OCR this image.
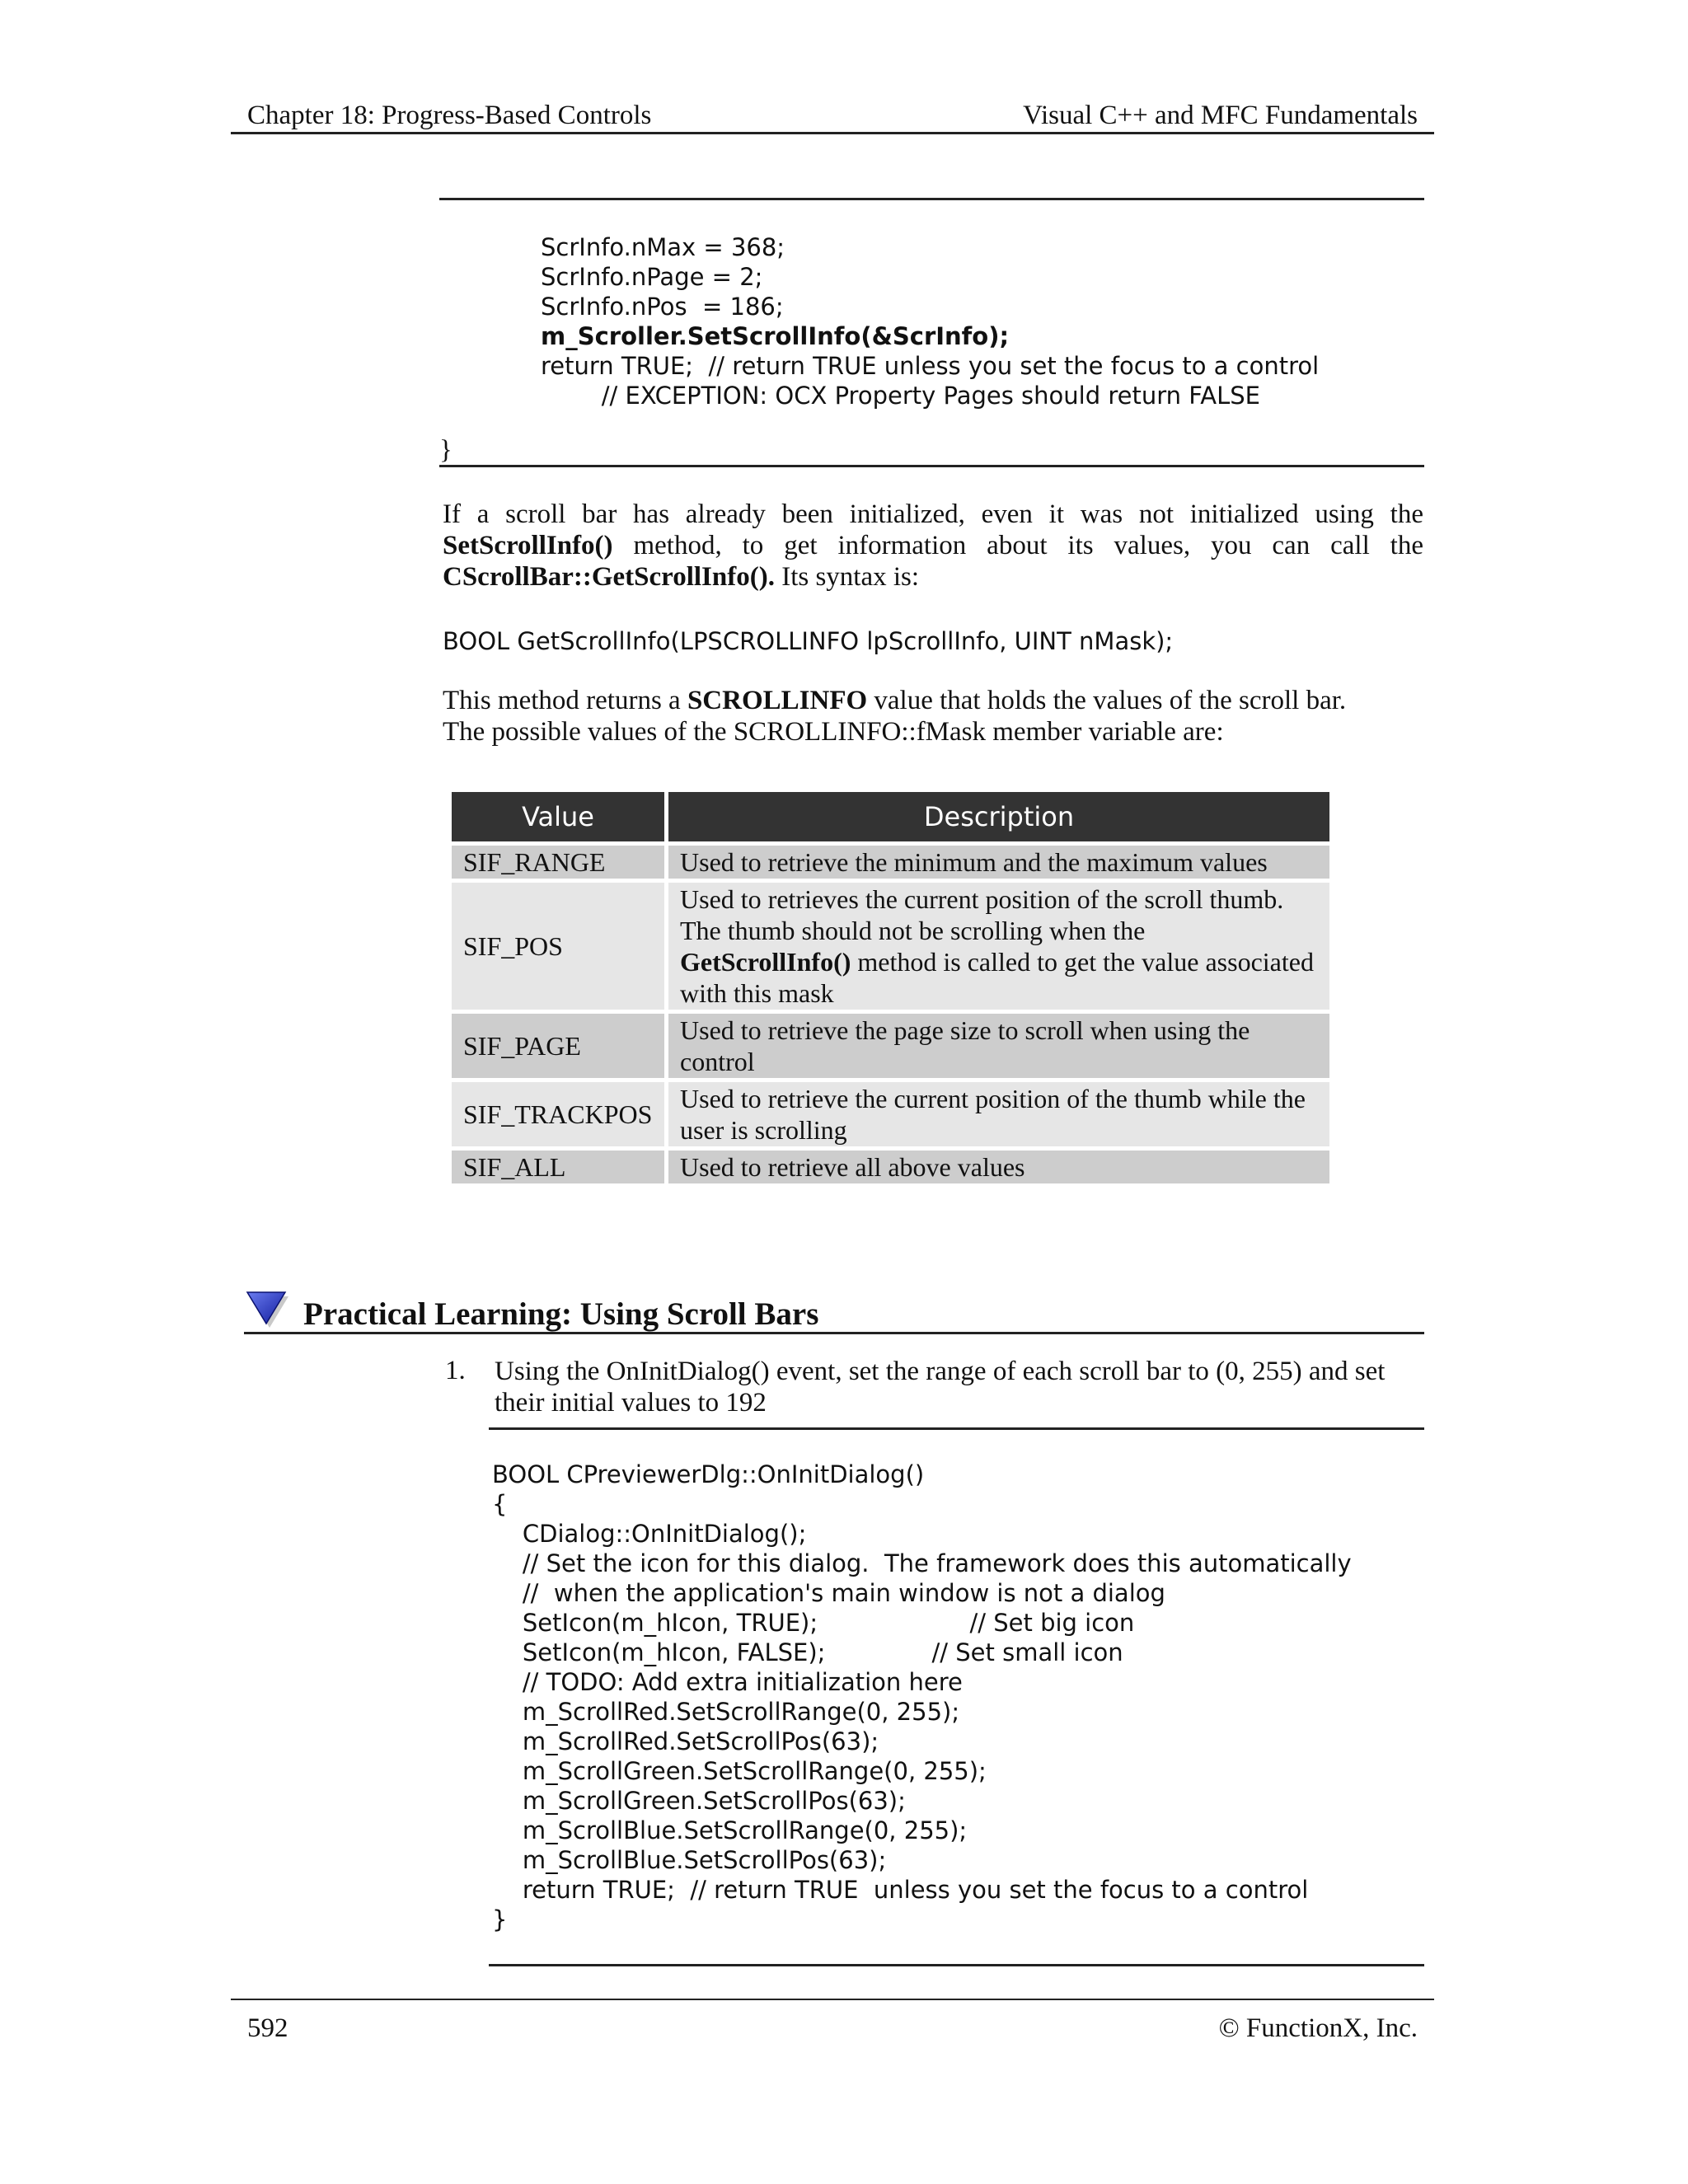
Chapter 18: Progress-Based Controls	Visual C++ and MFC Fundamentals

ScrInfo.nMax = 368;
ScrInfo.nPage = 2;
ScrInfo.nPos  = 186;
m_Scroller.SetScrollInfo(&ScrInfo);
return TRUE;  // return TRUE unless you set the focus to a control
// EXCEPTION: OCX Property Pages should return FALSE

}
If a scroll bar has already been initialized, even it was not initialized using the SetScrollInfo() method, to get information about its values, you can call the CScrollBar::GetScrollInfo(). Its syntax is:
BOOL GetScrollInfo(LPSCROLLINFO lpScrollInfo, UINT nMask);
This method returns a SCROLLINFO value that holds the values of the scroll bar. The possible values of the SCROLLINFO::fMask member variable are:
Value	Description
SIF_RANGE	Used to retrieve the minimum and the maximum values
SIF_POS	Used to retrieves the current position of the scroll thumb. The thumb should not be scrolling when the GetScrollInfo() method is called to get the value associated with this mask
SIF_PAGE	Used to retrieve the page size to scroll when using the control
SIF_TRACKPOS	Used to retrieve the current position of the thumb while the user is scrolling
SIF_ALL	Used to retrieve all above values
Practical Learning: Using Scroll Bars
1. Using the OnInitDialog() event, set the range of each scroll bar to (0, 255) and set their initial values to 192

BOOL CPreviewerDlg::OnInitDialog()
{
CDialog::OnInitDialog();
// Set the icon for this dialog.  The framework does this automatically
//  when the application's main window is not a dialog
SetIcon(m_hIcon, TRUE);                    // Set big icon
SetIcon(m_hIcon, FALSE);              // Set small icon
// TODO: Add extra initialization here
m_ScrollRed.SetScrollRange(0, 255);
m_ScrollRed.SetScrollPos(63);
m_ScrollGreen.SetScrollRange(0, 255);
m_ScrollGreen.SetScrollPos(63);
m_ScrollBlue.SetScrollRange(0, 255);
m_ScrollBlue.SetScrollPos(63);
return TRUE;  // return TRUE  unless you set the focus to a control
}

592	© FunctionX, Inc.
